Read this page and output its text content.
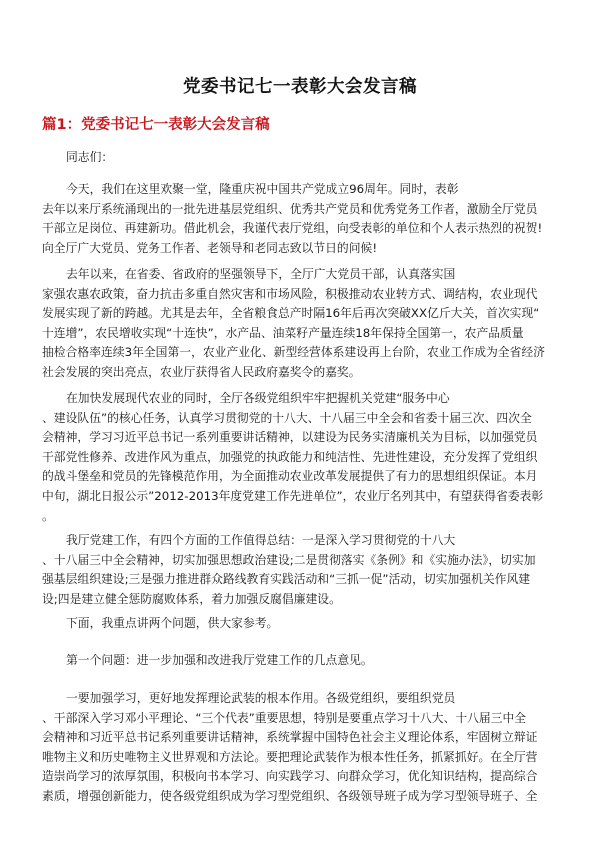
党委书记七一表彰大会发言稿
篇1：党委书记七一表彰大会发言稿
同志们：
今天，我们在这里欢聚一堂，隆重庆祝中国共产党成立96周年。同时，表彰
去年以来厅系统涌现出的一批先进基层党组织、优秀共产党员和优秀党务工作者，激励全厅党员
干部立足岗位、再建新功。借此机会，我谨代表厅党组，向受表彰的单位和个人表示热烈的祝贺!
向全厅广大党员、党务工作者、老领导和老同志致以节日的问候!
去年以来，在省委、省政府的坚强领导下，全厅广大党员干部，认真落实国
家强农惠农政策，奋力抗击多重自然灾害和市场风险，积极推动农业转方式、调结构，农业现代
发展实现了新的跨越。尤其是去年，全省粮食总产时隔16年后再次突破XX亿斤大关，首次实现“
十连增”，农民增收实现“十连快”，水产品、油菜籽产量连续18年保持全国第一，农产品质量
抽检合格率连续3年全国第一，农业产业化、新型经营体系建设再上台阶，农业工作成为全省经济
社会发展的突出亮点，农业厅获得省人民政府嘉奖令的嘉奖。
在加快发展现代农业的同时，全厅各级党组织牢牢把握机关党建“服务中心
、建设队伍”的核心任务，认真学习贯彻党的十八大、十八届三中全会和省委十届三次、四次全
会精神，学习习近平总书记一系列重要讲话精神，以建设为民务实清廉机关为目标，以加强党员
干部党性修养、改进作风为重点，加强党的执政能力和纯洁性、先进性建设，充分发挥了党组织
的战斗堡垒和党员的先锋模范作用，为全面推动农业改革发展提供了有力的思想组织保证。本月
中旬，湖北日报公示”2012-2013年度党建工作先进单位”，农业厅名列其中，有望获得省委表彰
。
我厅党建工作，有四个方面的工作值得总结：一是深入学习贯彻党的十八大
、十八届三中全会精神，切实加强思想政治建设;二是贯彻落实《条例》和《实施办法》，切实加
强基层组织建设;三是强力推进群众路线教育实践活动和“三抓一促”活动，切实加强机关作风建
设;四是建立健全惩防腐败体系，着力加强反腐倡廉建设。
下面，我重点讲两个问题，供大家参考。
第一个问题：进一步加强和改进我厅党建工作的几点意见。
一要加强学习，更好地发挥理论武装的根本作用。各级党组织，要组织党员
、干部深入学习邓小平理论、“三个代表”重要思想，特别是要重点学习十八大、十八届三中全
会精神和习近平总书记系列重要讲话精神，系统掌握中国特色社会主义理论体系，牢固树立辩证
唯物主义和历史唯物主义世界观和方法论。要把理论武装作为根本性任务，抓紧抓好。在全厅营
造崇尚学习的浓厚氛围，积极向书本学习、向实践学习、向群众学习，优化知识结构，提高综合
素质，增强创新能力，使各级党组织成为学习型党组织、各级领导班子成为学习型领导班子、全
